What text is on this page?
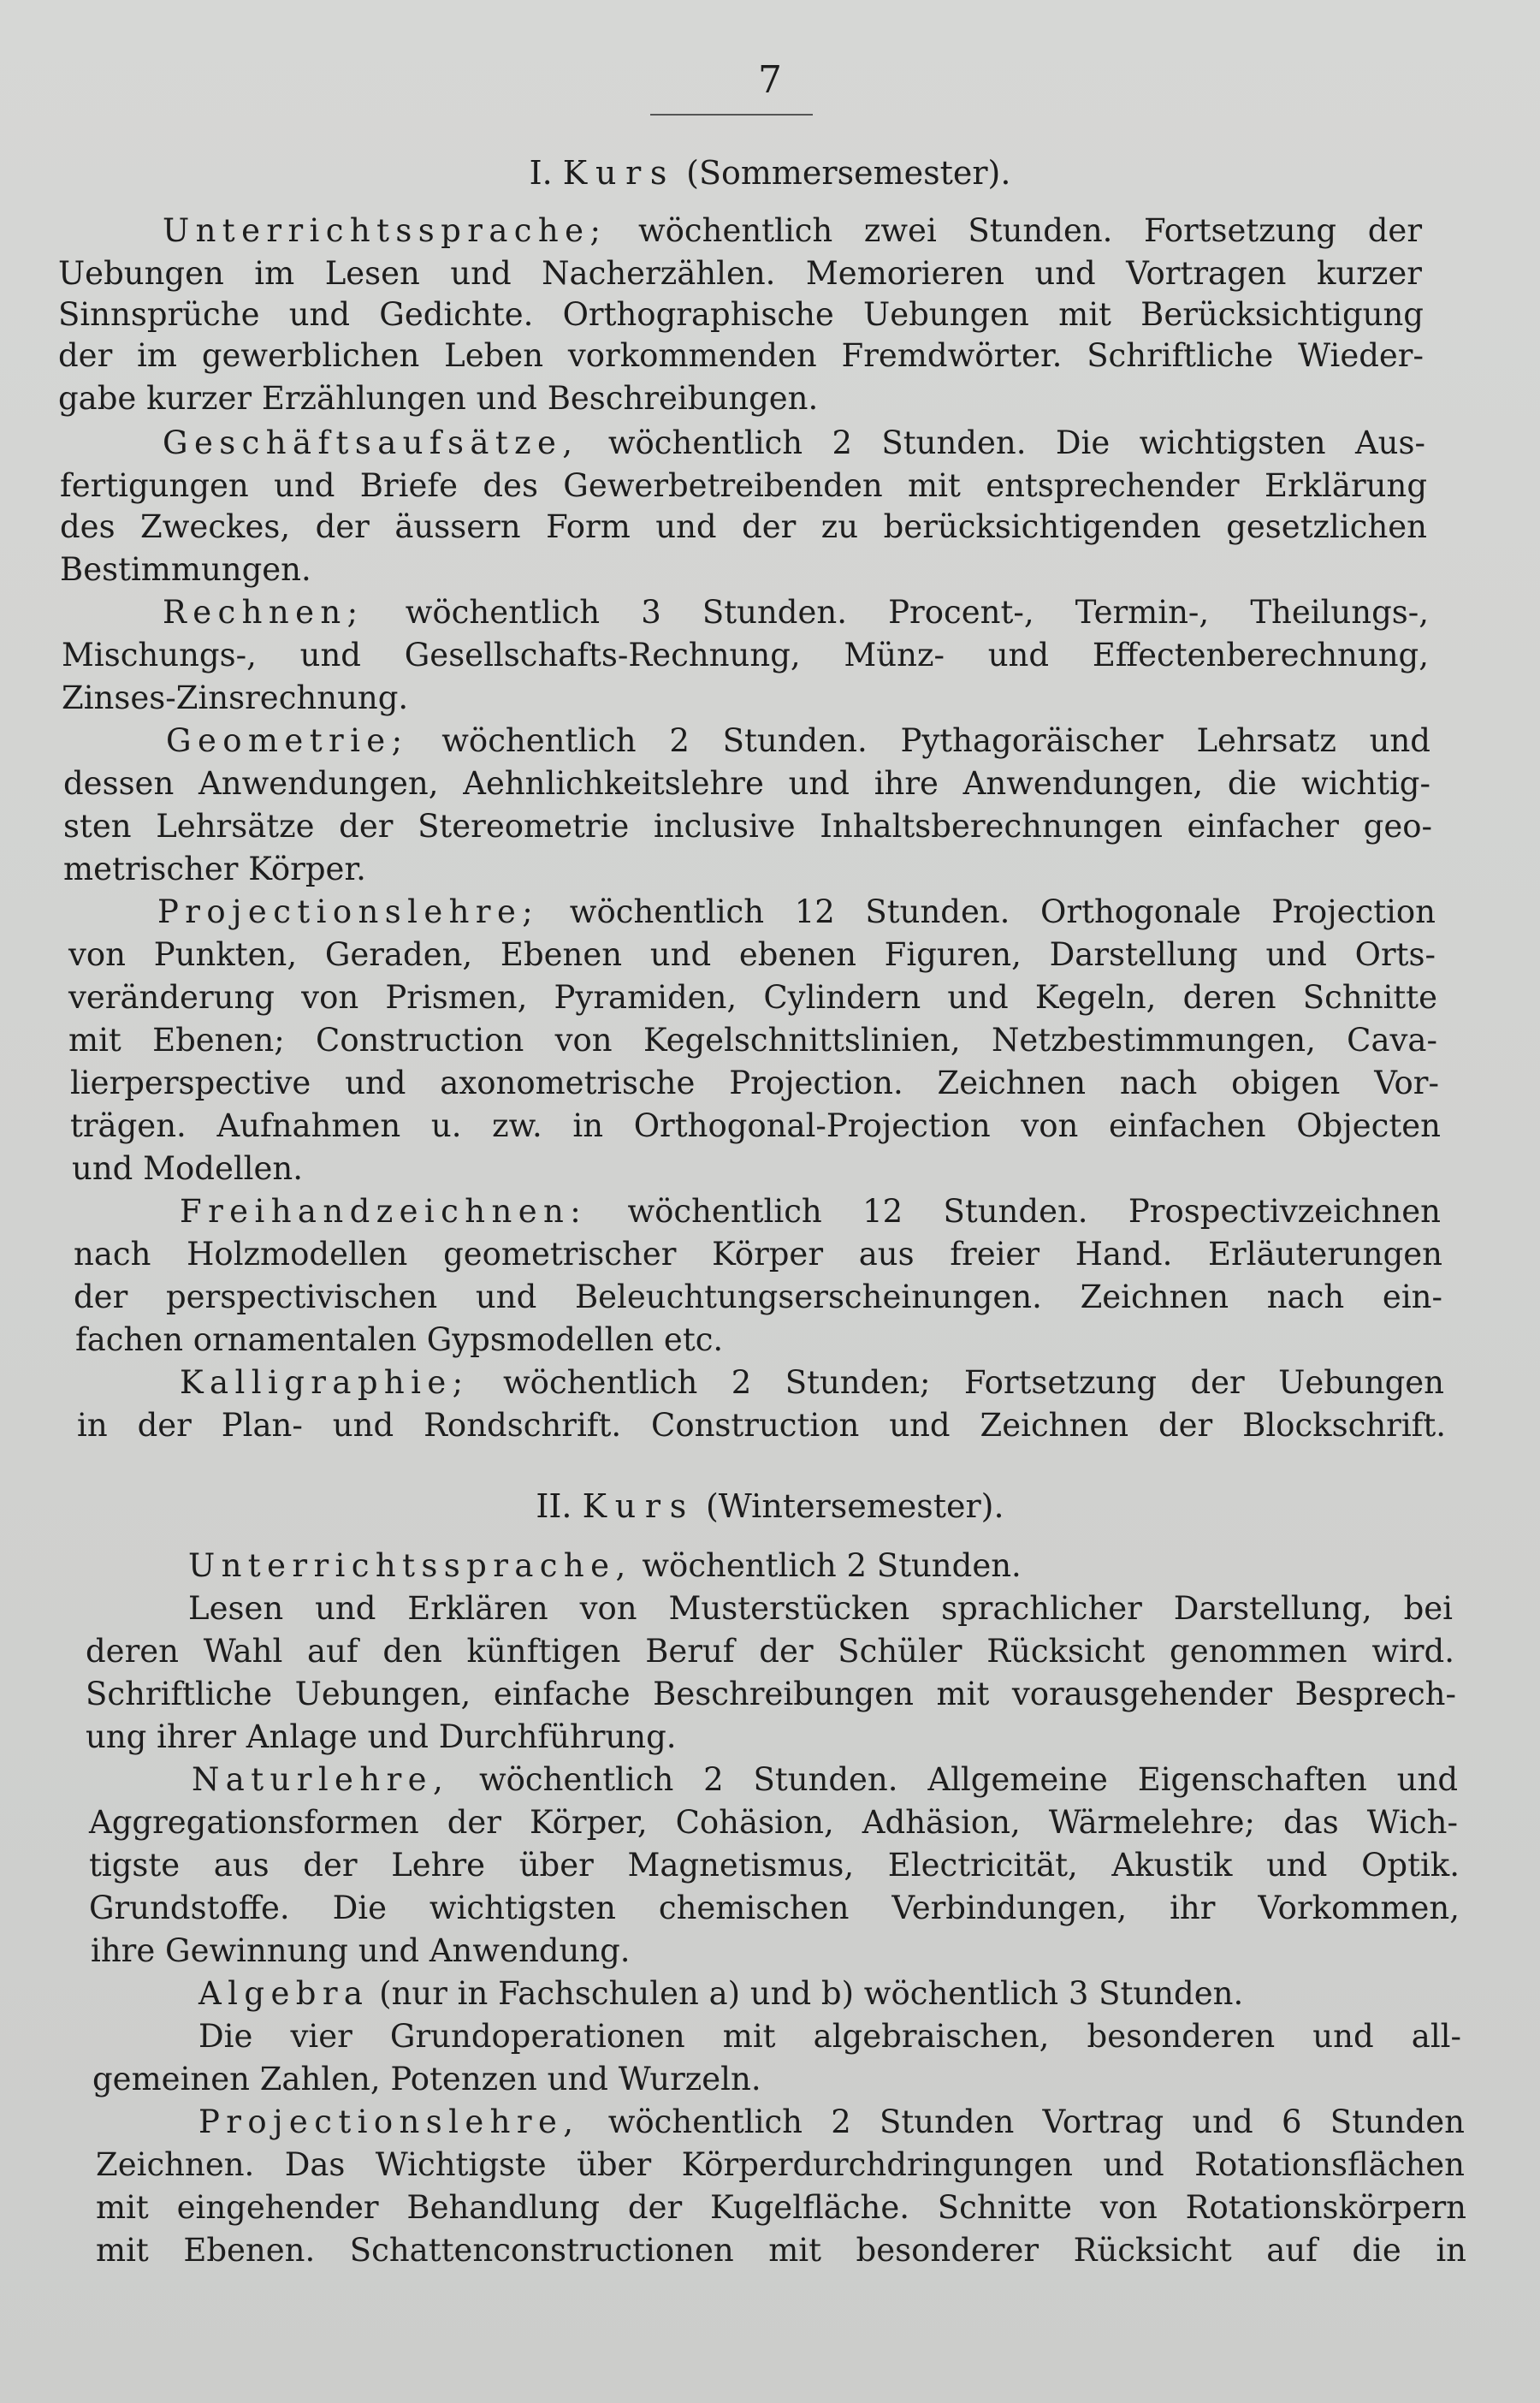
7
I. Kurs (Sommersemester).
Unterrichtssprache; wöchentlich zwei Stunden. Fortsetzung der
Uebungen im Lesen und Nacherzählen. Memorieren und Vortragen kurzer
Sinnsprüche und Gedichte. Orthographische Uebungen mit Berücksichtigung
der im gewerblichen Leben vorkommenden Fremdwörter. Schriftliche Wieder-
gabe kurzer Erzählungen und Beschreibungen.
Geschäftsaufsätze, wöchentlich 2 Stunden. Die wichtigsten Aus-
fertigungen und Briefe des Gewerbetreibenden mit entsprechender Erklärung
des Zweckes, der äussern Form und der zu berücksichtigenden gesetzlichen
Bestimmungen.
Rechnen; wöchentlich 3 Stunden. Procent-, Termin-, Theilungs-,
Mischungs-, und Gesellschafts-Rechnung, Münz- und Effectenberechnung,
Zinses-Zinsrechnung.
Geometrie; wöchentlich 2 Stunden. Pythagoräischer Lehrsatz und
dessen Anwendungen, Aehnlichkeitslehre und ihre Anwendungen, die wichtig-
sten Lehrsätze der Stereometrie inclusive Inhaltsberechnungen einfacher geo-
metrischer Körper.
Projectionslehre; wöchentlich 12 Stunden. Orthogonale Projection
von Punkten, Geraden, Ebenen und ebenen Figuren, Darstellung und Orts-
veränderung von Prismen, Pyramiden, Cylindern und Kegeln, deren Schnitte
mit Ebenen; Construction von Kegelschnittslinien, Netzbestimmungen, Cava-
lierperspective und axonometrische Projection. Zeichnen nach obigen Vor-
trägen. Aufnahmen u. zw. in Orthogonal-Projection von einfachen Objecten
und Modellen.
Freihandzeichnen: wöchentlich 12 Stunden. Prospectivzeichnen
nach Holzmodellen geometrischer Körper aus freier Hand. Erläuterungen
der perspectivischen und Beleuchtungserscheinungen. Zeichnen nach ein-
fachen ornamentalen Gypsmodellen etc.
Kalligraphie; wöchentlich 2 Stunden; Fortsetzung der Uebungen
in der Plan- und Rondschrift. Construction und Zeichnen der Blockschrift.
II. Kurs (Wintersemester).
Unterrichtssprache, wöchentlich 2 Stunden.
Lesen und Erklären von Musterstücken sprachlicher Darstellung, bei
deren Wahl auf den künftigen Beruf der Schüler Rücksicht genommen wird.
Schriftliche Uebungen, einfache Beschreibungen mit vorausgehender Besprech-
ung ihrer Anlage und Durchführung.
Naturlehre, wöchentlich 2 Stunden. Allgemeine Eigenschaften und
Aggregationsformen der Körper, Cohäsion, Adhäsion, Wärmelehre; das Wich-
tigste aus der Lehre über Magnetismus, Electricität, Akustik und Optik.
Grundstoffe. Die wichtigsten chemischen Verbindungen, ihr Vorkommen,
ihre Gewinnung und Anwendung.
Algebra (nur in Fachschulen a) und b) wöchentlich 3 Stunden.
Die vier Grundoperationen mit algebraischen, besonderen und all-
gemeinen Zahlen, Potenzen und Wurzeln.
Projectionslehre, wöchentlich 2 Stunden Vortrag und 6 Stunden
Zeichnen. Das Wichtigste über Körperdurchdringungen und Rotationsflächen
mit eingehender Behandlung der Kugelfläche. Schnitte von Rotationskörpern
mit Ebenen. Schattenconstructionen mit besonderer Rücksicht auf die in
